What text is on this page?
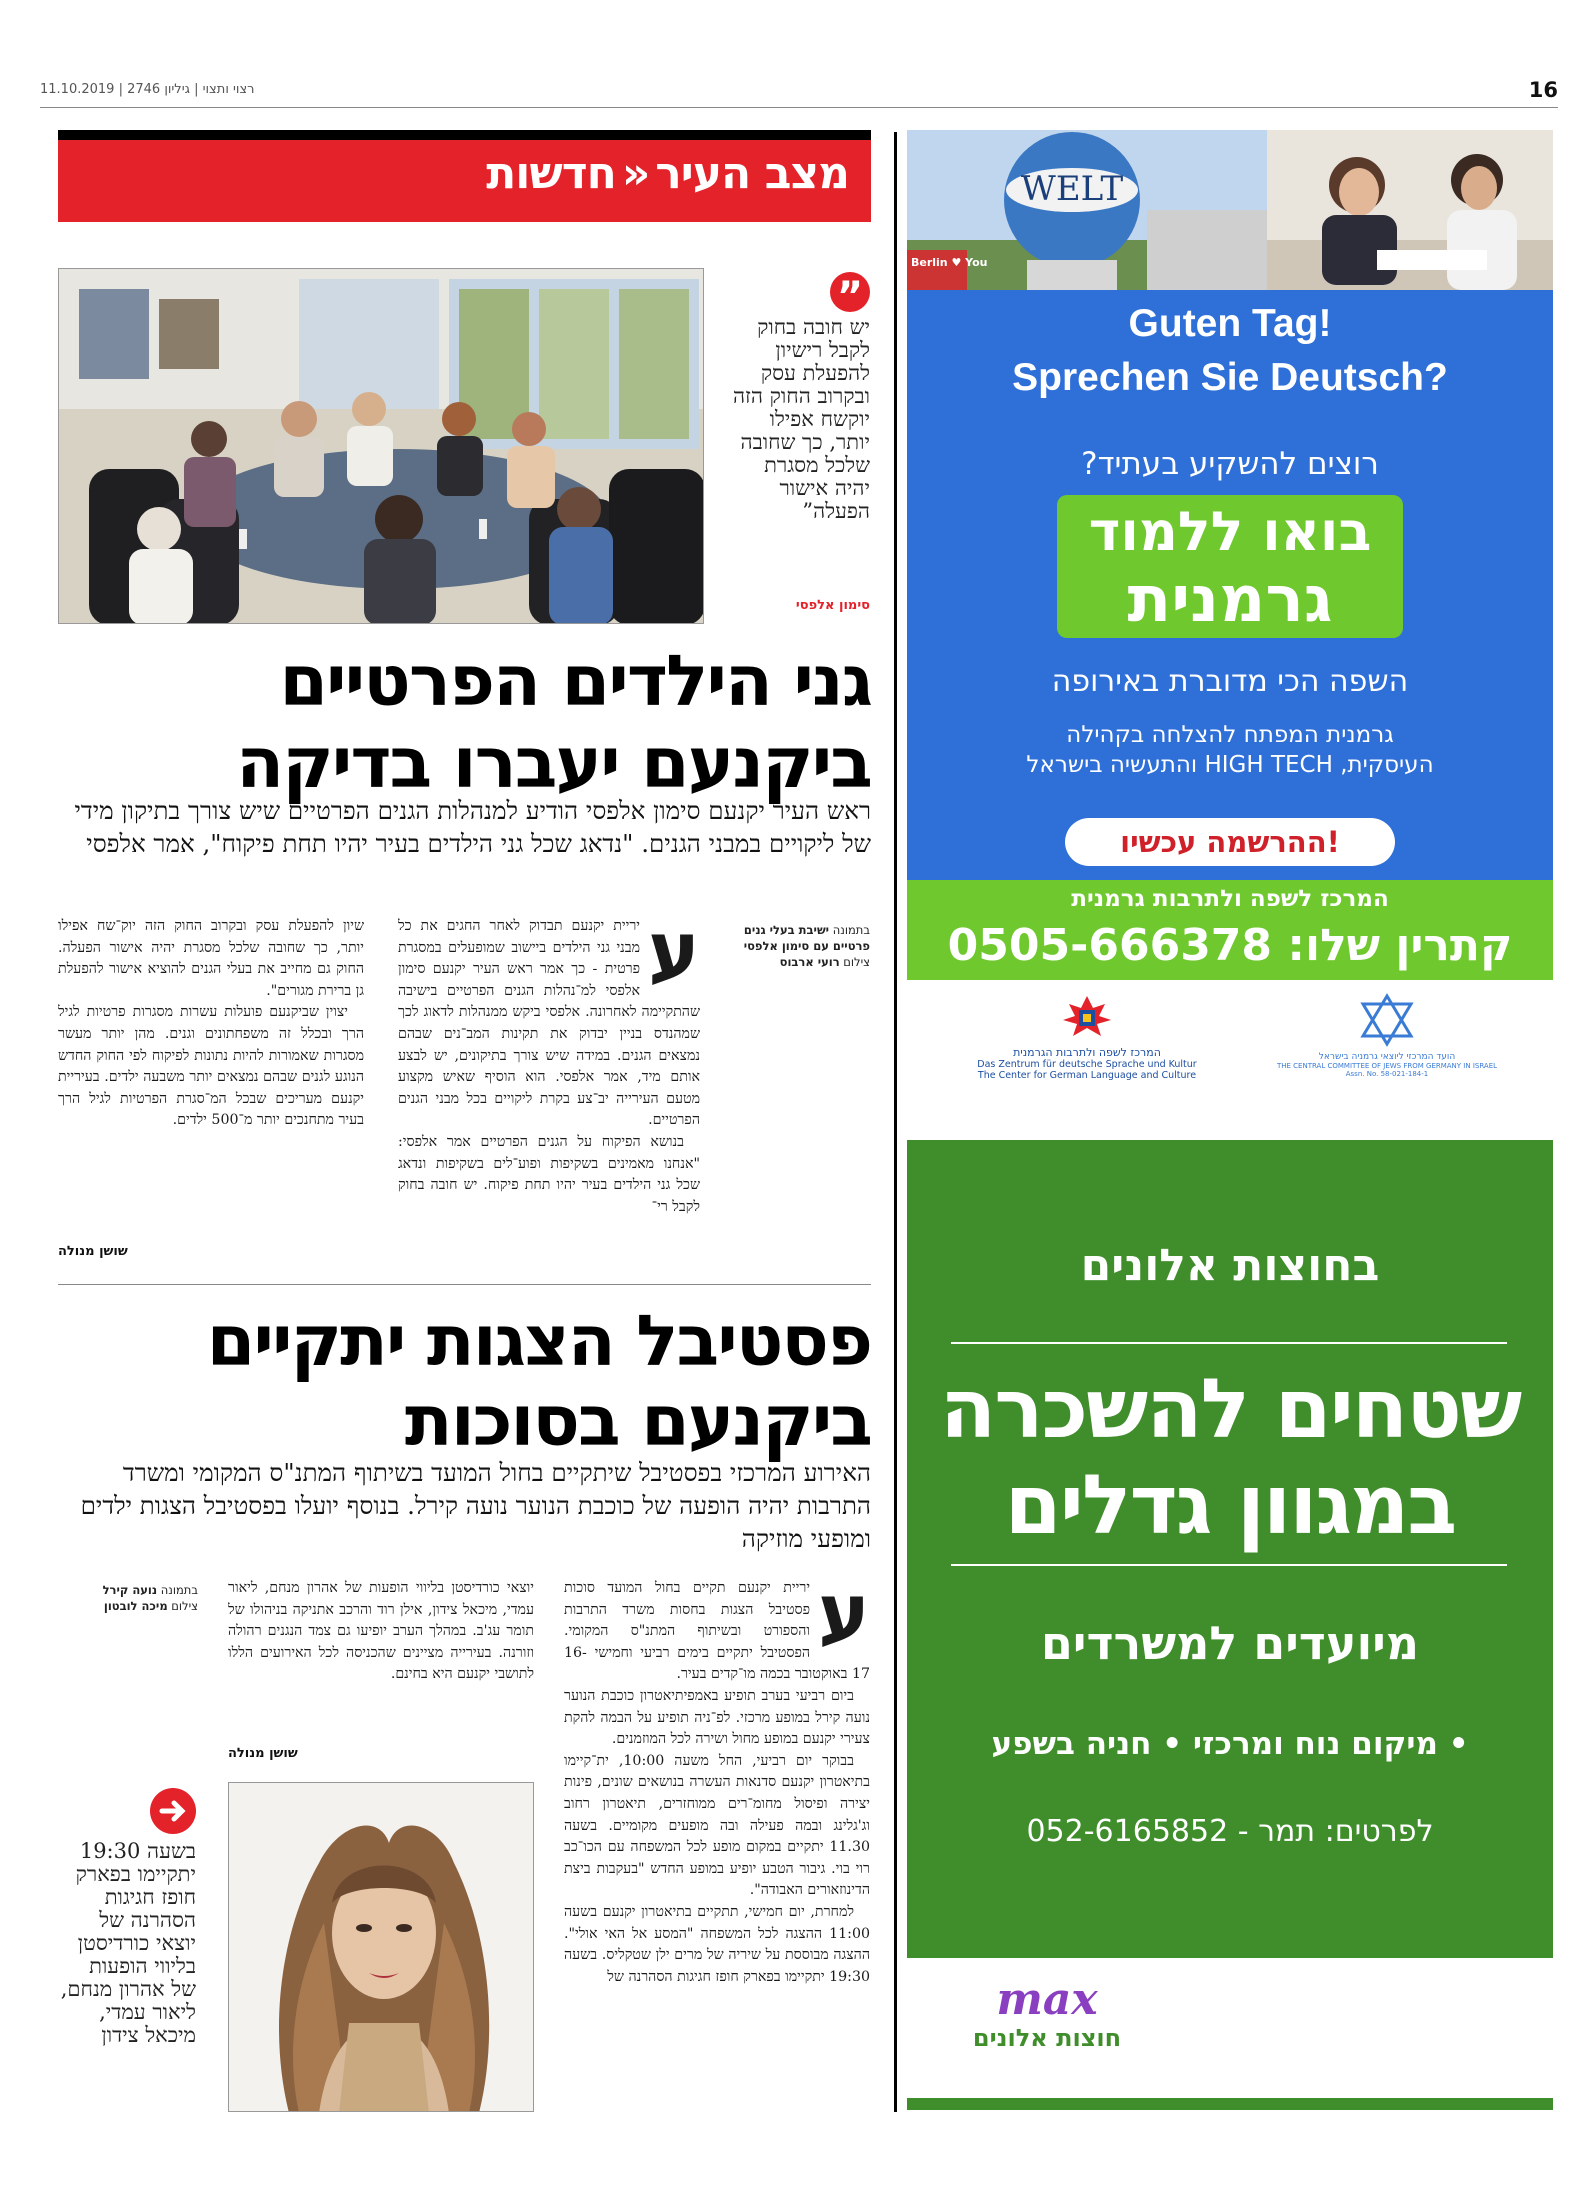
רצוי ותצוי | גיליון 2746 | 11.10.2019	16
מצב העיר«חדשות
”
יש חובה בחוק לקבל רישיון להפעלת עסק ובקרוב החוק הזה יוקשח אפילו יותר, כך שחובה שלכל מסגרת יהיה אישור הפעלה”
סימון אלפסי
גני הילדים הפרטיים
ביקנעם יעברו בדיקה
ראש העיר יקנעם סימון אלפסי הודיע למנהלות הגנים הפרטיים שיש צורך בתיקון מידי של ליקויים במבני הגנים. "נדאג שכל גני הילדים בעיר יהיו תחת פיקוח", אמר אלפסי
בתמונה ישיבת בעלי גנים פרטיים עם סימון אלפסי
צילום רועי ארבוס
ע

יריית יקנעם תבדוק לאחר החגים את כל מבני גני הילדים ביישוב שמופעלים במסגרת פרטית - כך אמר ראש העיר יקנעם סימון אלפסי למ־נהלות הגנים הפרטיים בישיבה שהתקיימה לאחרונה. אלפסי ביקש ממנהלות לדאוג לכך שמהנדס בניין יבדוק את תקינות המב־נים שבהם נמצאים הגנים. במידה שיש צורך בתיקונים, יש לבצע אותם מיד, אמר אלפסי. הוא הוסיף שאיש מקצוע מטעם העירייה יב־צע בקרת ליקויים בכל מבני הגנים הפרטיים.

בנושא הפיקוח על הגנים הפרטיים אמר אלפסי: "אנחנו מאמינים בשקיפות ופוע־לים בשקיפות ונדאג שכל גני הילדים בעיר יהיו תחת פיקוח. יש חובה בחוק לקבל רי־

שיון להפעלת עסק ובקרוב החוק הזה יוק־שח אפילו יותר, כך שחובה שלכל מסגרת יהיה אישור הפעלה. החוק גם מחייב את בעלי הגנים להוציא אישור להפעלת גן ברירת מגורים".

יצוין שביקנעם פועלות עשרות מסגרות פרטיות לגיל הרך ובכלל זה משפחתונים וגנים. מהן יותר מעשר מסגרות שאמורות להיות נתונות לפיקוח לפי החוק החדש הנוגע לגנים שבהם נמצאים יותר משבעה ילדים. בעיריית יקנעם מעריכים שבכל המ־סגרת הפרטיות לגיל הרך בעיר מתחנכים יותר מ־500 ילדים.

שושן מנולה
פסטיבל הצגות יתקיים
ביקנעם בסוכות
האירוע המרכזי בפסטיבל שיתקיים בחול המועד בשיתוף המתנ"ס המקומי ומשרד התרבות יהיה הופעה של כוכבת הנוער נועה קירל. בנוסף יועלו בפסטיבל הצגות ילדים ומופעי מוזיקה
ע

יריית יקנעם תקיים בחול המועד סוכות פסטיבל הצגות בחסות משרד התרבות והספורט ובשיתוף המתנ"ס המקומי. הפסטיבל יתקיים בימים רביעי וחמישי 16-17 באוקטובר בכמה מו־קדים בעיר.

ביום רביעי בערב תופיע באמפיתיאטרון כוכבת הנוער נועה קירל במופע מרכזי. לפ־ניה תופיע על הבמה להקת צעירי יקנעם במופע מחול ושירה לכל המוזמנים.

בבוקר יום רביעי, החל משעה 10:00, ית־קיימו בתיאטרון יקנעם סדנאות העשרה בנושאים שונים, פינות יצירה ופיסול מחומ־רים ממוחזרים, תיאטרון רחוב וג'גלינג ובמה פעילה ובה מופעים מקומיים. בשעה 11.30 יתקיים במקום מופע לכל המשפחה עם הכו־כב רוי בוי. גיבור הטבע יופיע במופע החדש "בעקבות ביצת הדינוזאורים האבודה".

למחרת, יום חמישי, תתקיים בתיאטרון יקנעם בשעה 11:00 ההצגה לכל המשפחה "המסע אל האי אולי". ההצגה מבוססת על שיריה של מרים ילן שטקליס. בשעה 19:30 יתקיימו בפארק חופז חגיגות הסהרנה של

יוצאי כורדיסטן בליווי הופעות של אהרון מנחם, ליאור עמדי, מיכאל צידון, אילן רוד והרכב אתניקה בניהולו של תומר עג'ב. במהלך הערב יופיעו גם צמד הנגנים רהולה וזורנה. בעירייה מציינים שהכניסה לכל האירועים הללו לתושבי יקנעם היא בחינם.

שושן מנולה
בתמונה נועה קירל
צילום מיכה לובטון
בשעה 19:30 יתקיימו בפארק חופז חגיגות הסהרנה של יוצאי כורדיסטן בליווי הופעות של אהרון מנחם, ליאור עמדי, מיכאל צידון
WELT
Berlin ♥ You
Guten Tag!
Sprechen Sie Deutsch?
רוצים להשקיע בעתיד?
בואו ללמוד
גרמנית
השפה הכי מדוברת באירופה
גרמנית המפתח להצלחה בקהילה
העיסקית, HIGH TECH והתעשיה בישראל
ההרשמה עכשיו!
המרכז לשפה ולתרבות גרמנית
קתרין שלו: 0505-666378
המרכז לשפה ולתרבות הגרמנית
Das Zentrum für deutsche Sprache und Kultur
The Center for German Language and Culture
הועד המרכזי ליוצאי גרמניה בישראל
THE CENTRAL COMMITTEE OF JEWS FROM GERMANY IN ISRAEL
Assn. No. 58-021-184-1
בחוצות אלונים
שטחים להשכרה
במגוון גדלים
מיועדים למשרדים
• מיקום נוח ומרכזי • חניה בשפע
לפרטים: תמר - 052-6165852
max
חוצות אלונים
